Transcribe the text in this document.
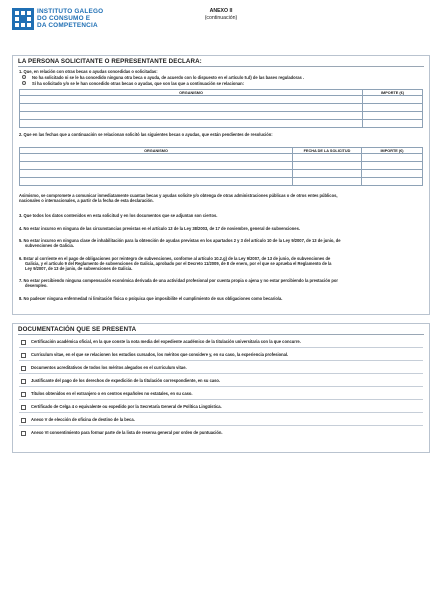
INSTITUTO GALEGO
DO CONSUMO E
DA COMPETENCIA
ANEXO II
(continuación)
LA PERSONA SOLICITANTE O REPRESENTANTE DECLARA:
1. Que, en relación con otras becas o ayudas concedidas o solicitadas:
No ha solicitado ni se le ha concedido ninguna otra beca o ayuda, de acuerdo con lo dispuesto en el artículo 5.d) de las bases reguladoras .
Sí ha solicitado y/o se le han concedido otras becas o ayudas, que son las que a continuación se relacionan:
ORGANISMO	IMPORTE (€)

2. Que en las fechas que a continuación se relacionan solicitó las siguientes becas o ayudas, que están pendientes de resolución:
ORGANISMO	FECHA DE LA SOLICITUD	IMPORTE (€)

Asimismo, se compromete a comunicar inmediatamente cuantas becas y ayudas solicite y/o obtenga de otras administraciones públicas o de otros entes públicos,
nacionales o internacionales, a partir de la fecha de esta declaración.
3. Que todos los datos contenidos en esta solicitud y en los documentos que se adjuntan son ciertos.
4. No estar incurso en ninguna de las circunstancias previstas en el artículo 13 de la Ley 38/2003, de 17 de noviembre, general de subvenciones.
5. No estar incurso en ninguna clase de inhabilitación para la obtención de ayudas previstas en los apartados 2 y 3 del artículo 10 de la Ley 9/2007, de 13 de junio, de
subvenciones de Galicia.
6. Estar al corriente en el pago de obligaciones por reintegro de subvenciones, conforme al artículo 10.2.g) de la Ley 9/2007, de 13 de junio, de subvenciones de
Galicia, y el artículo 9 del Reglamento de subvenciones de Galicia, aprobado por el Decreto 11/2009, de 8 de enero, por el que se aprueba el Reglamento de la
Ley 9/2007, de 13 de junio, de subvenciones de Galicia.
7. No estar percibiendo ninguna compensación económica derivada de una actividad profesional por cuenta propia o ajena y no estar percibiendo la prestación por
desempleo.
8. No padecer ninguna enfermedad ni limitación física o psíquica que imposibilite el cumplimiento de sus obligaciones como becario/a.
DOCUMENTACIÓN QUE SE PRESENTA
Certificación académica oficial, en la que conste la nota media del expediente académico de la titulación universitaria con la que concurre.
Curriculum vitae, en el que se relacionen los estudios cursados, los méritos que considere y, en su caso, la experiencia profesional.
Documentos acreditativos de todos los méritos alegados en el curriculum vitae.
Justificante del pago de los derechos de expedición de la titulación correspondiente, en su caso.
Títulos obtenidos en el extranjero o en centros españoles no estatales, en su caso.
Certificado de Celga 4 o equivalente ou expedido por la Secretaría General de Política Lingüística.
Anexo V de elección de oficina de destino de la beca.
Anexo VI consentimiento para formar parte de la lista de reserva general por orden de puntuación.
